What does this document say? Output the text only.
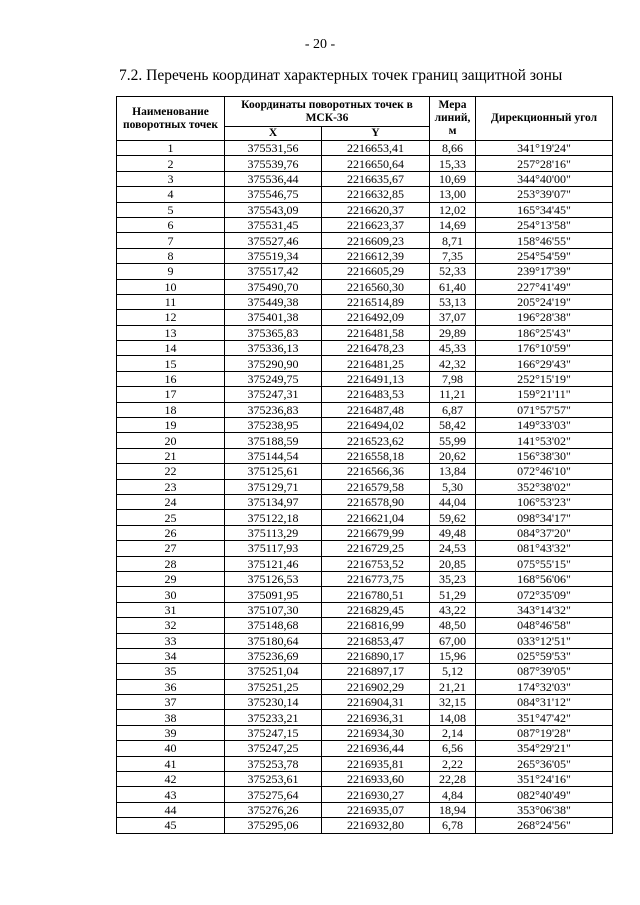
- 20 -
7.2. Перечень координат характерных точек границ защитной зоны
Наименование поворотных точек	Координаты поворотных точек в МСК-36		Мера линий, м	Дирекционный угол
	X	Y		
1	375531,56	2216653,41	8,66	341°19'24"
2	375539,76	2216650,64	15,33	257°28'16"
3	375536,44	2216635,67	10,69	344°40'00"
4	375546,75	2216632,85	13,00	253°39'07"
5	375543,09	2216620,37	12,02	165°34'45"
6	375531,45	2216623,37	14,69	254°13'58"
7	375527,46	2216609,23	8,71	158°46'55"
8	375519,34	2216612,39	7,35	254°54'59"
9	375517,42	2216605,29	52,33	239°17'39"
10	375490,70	2216560,30	61,40	227°41'49"
11	375449,38	2216514,89	53,13	205°24'19"
12	375401,38	2216492,09	37,07	196°28'38"
13	375365,83	2216481,58	29,89	186°25'43"
14	375336,13	2216478,23	45,33	176°10'59"
15	375290,90	2216481,25	42,32	166°29'43"
16	375249,75	2216491,13	7,98	252°15'19"
17	375247,31	2216483,53	11,21	159°21'11"
18	375236,83	2216487,48	6,87	071°57'57"
19	375238,95	2216494,02	58,42	149°33'03"
20	375188,59	2216523,62	55,99	141°53'02"
21	375144,54	2216558,18	20,62	156°38'30"
22	375125,61	2216566,36	13,84	072°46'10"
23	375129,71	2216579,58	5,30	352°38'02"
24	375134,97	2216578,90	44,04	106°53'23"
25	375122,18	2216621,04	59,62	098°34'17"
26	375113,29	2216679,99	49,48	084°37'20"
27	375117,93	2216729,25	24,53	081°43'32"
28	375121,46	2216753,52	20,85	075°55'15"
29	375126,53	2216773,75	35,23	168°56'06"
30	375091,95	2216780,51	51,29	072°35'09"
31	375107,30	2216829,45	43,22	343°14'32"
32	375148,68	2216816,99	48,50	048°46'58"
33	375180,64	2216853,47	67,00	033°12'51"
34	375236,69	2216890,17	15,96	025°59'53"
35	375251,04	2216897,17	5,12	087°39'05"
36	375251,25	2216902,29	21,21	174°32'03"
37	375230,14	2216904,31	32,15	084°31'12"
38	375233,21	2216936,31	14,08	351°47'42"
39	375247,15	2216934,30	2,14	087°19'28"
40	375247,25	2216936,44	6,56	354°29'21"
41	375253,78	2216935,81	2,22	265°36'05"
42	375253,61	2216933,60	22,28	351°24'16"
43	375275,64	2216930,27	4,84	082°40'49"
44	375276,26	2216935,07	18,94	353°06'38"
45	375295,06	2216932,80	6,78	268°24'56"
